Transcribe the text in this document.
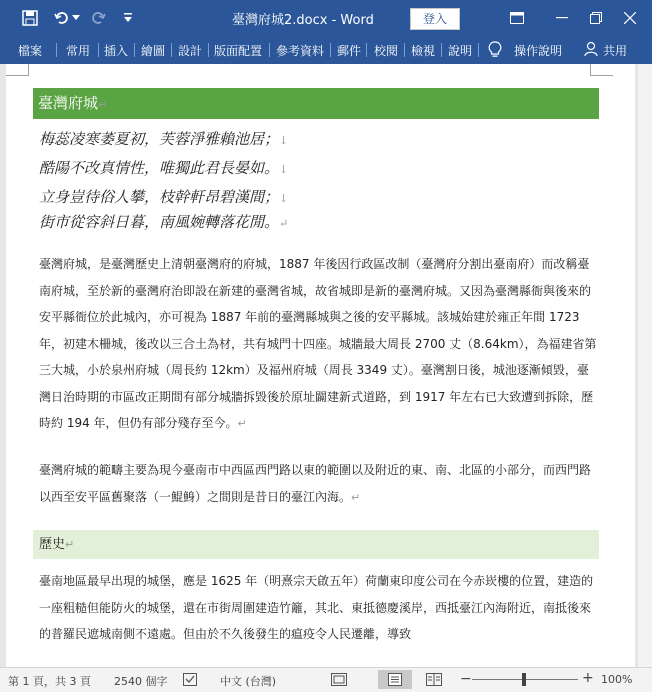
臺灣府城2.docx - Word	登入
檔案 常用 插入 繪圖 設計 版面配置 參考資料 郵件 校閱 檢視 說明	操作說明	共用
臺灣府城↵
梅蕊凌寒萎夏初，芙蓉淨雅賴池居；↓
酷陽不改真情性，唯獨此君長晏如。↓
立身豈待俗人攀，枝幹軒昂碧漢間；↓
街市從容斜日暮，南風婉轉落花閒。↵
臺灣府城，是臺灣歷史上清朝臺灣府的府城，1887 年後因行政區改制（臺灣府分割出臺南府）而改稱臺南府城，至於新的臺灣府治即設在新建的臺灣省城，故省城即是新的臺灣府城。又因為臺灣縣衙與後來的安平縣衙位於此城內，亦可視為 1887 年前的臺灣縣城與之後的安平縣城。該城始建於雍正年間 1723 年，初建木柵城，後改以三合土為材，共有城門十四座。城牆最大周長 2700 丈（8.64km），為福建省第三大城，小於泉州府城（周長約 12km）及福州府城（周長 3349 丈）。臺灣割日後，城池逐漸傾毀，臺灣日治時期的市區改正期間有部分城牆拆毀後於原址闢建新式道路，到 1917 年左右已大致遭到拆除，歷時約 194 年，但仍有部分殘存至今。↵
臺灣府城的範疇主要為現今臺南市中西區西門路以東的範圍以及附近的東、南、北區的小部分，而西門路以西至安平區舊聚落（一鯤鯓）之間則是昔日的臺江內海。↵
歷史↵
臺南地區最早出現的城堡，應是 1625 年（明熹宗天啟五年）荷蘭東印度公司在今赤崁樓的位置，建造的一座粗糙但能防火的城堡，還在市街周圍建造竹籬，其北、東抵德慶溪岸，西抵臺江內海附近，南抵後來的普羅民遮城南側不遠處。但由於不久後發生的瘟疫令人民遷離，導致
第 1 頁，共 3 頁 2540 個字	中文 (台灣)	−	+ 100%
